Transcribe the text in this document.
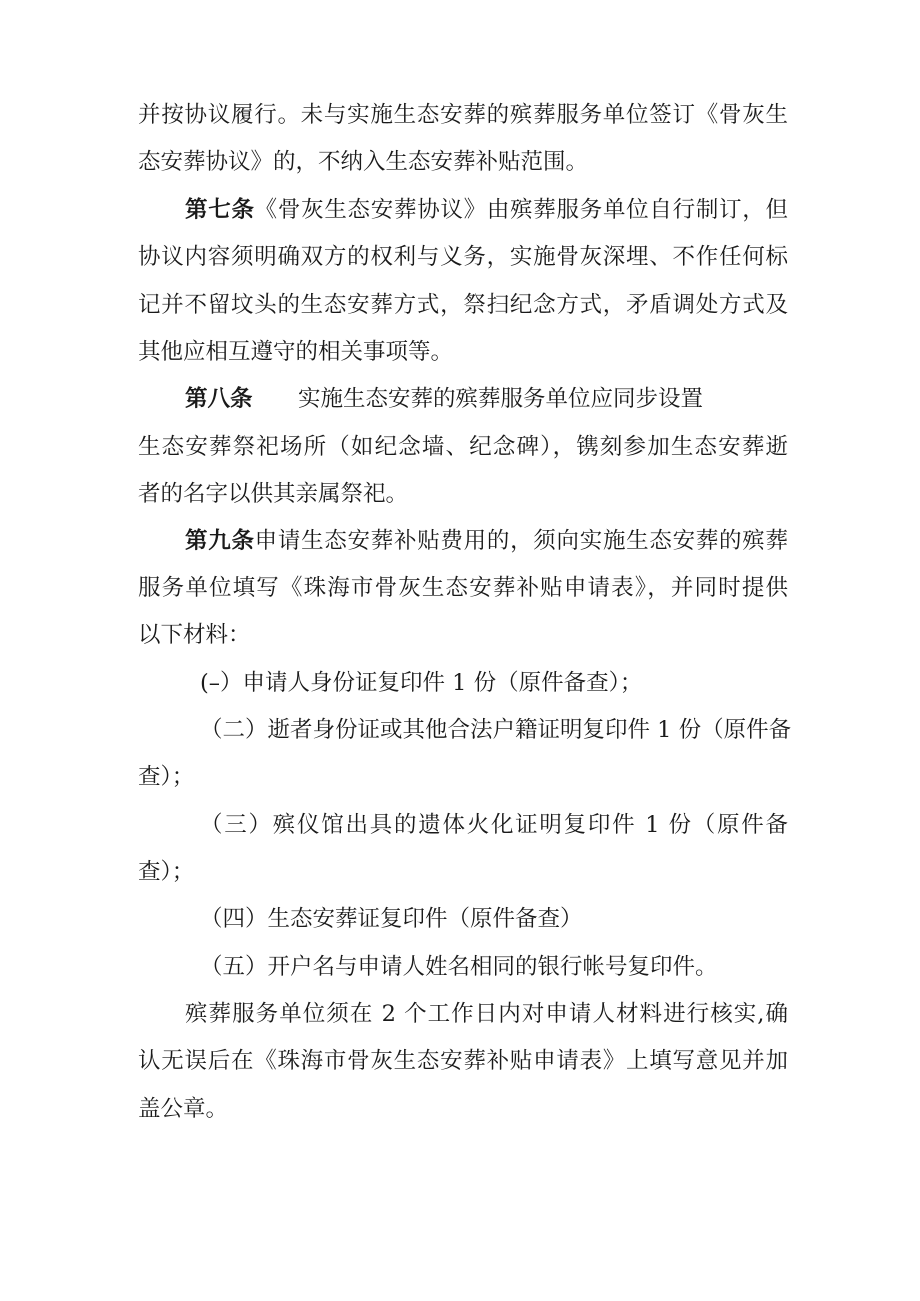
并按协议履行。未与实施生态安葬的殡葬服务单位签订《骨灰生
态安葬协议》的，不纳入生态安葬补贴范围。
第七条《骨灰生态安葬协议》由殡葬服务单位自行制订，但
协议内容须明确双方的权利与义务，实施骨灰深埋、不作任何标
记并不留坟头的生态安葬方式，祭扫纪念方式，矛盾调处方式及
其他应相互遵守的相关事项等。
第八条 实施生态安葬的殡葬服务单位应同步设置
生态安葬祭祀场所（如纪念墙、纪念碑），镌刻参加生态安葬逝
者的名字以供其亲属祭祀。
第九条申请生态安葬补贴费用的，须向实施生态安葬的殡葬
服务单位填写《珠海市骨灰生态安葬补贴申请表》，并同时提供
以下材料：
(–）申请人身份证复印件 1 份（原件备查）；
（二）逝者身份证或其他合法户籍证明复印件 1 份（原件备
查）；
（三）殡仪馆出具的遗体火化证明复印件 1 份（原件备
查）；
（四）生态安葬证复印件（原件备查）
（五）开户名与申请人姓名相同的银行帐号复印件。
殡葬服务单位须在 2 个工作日内对申请人材料进行核实,确
认无误后在《珠海市骨灰生态安葬补贴申请表》上填写意见并加
盖公章。
